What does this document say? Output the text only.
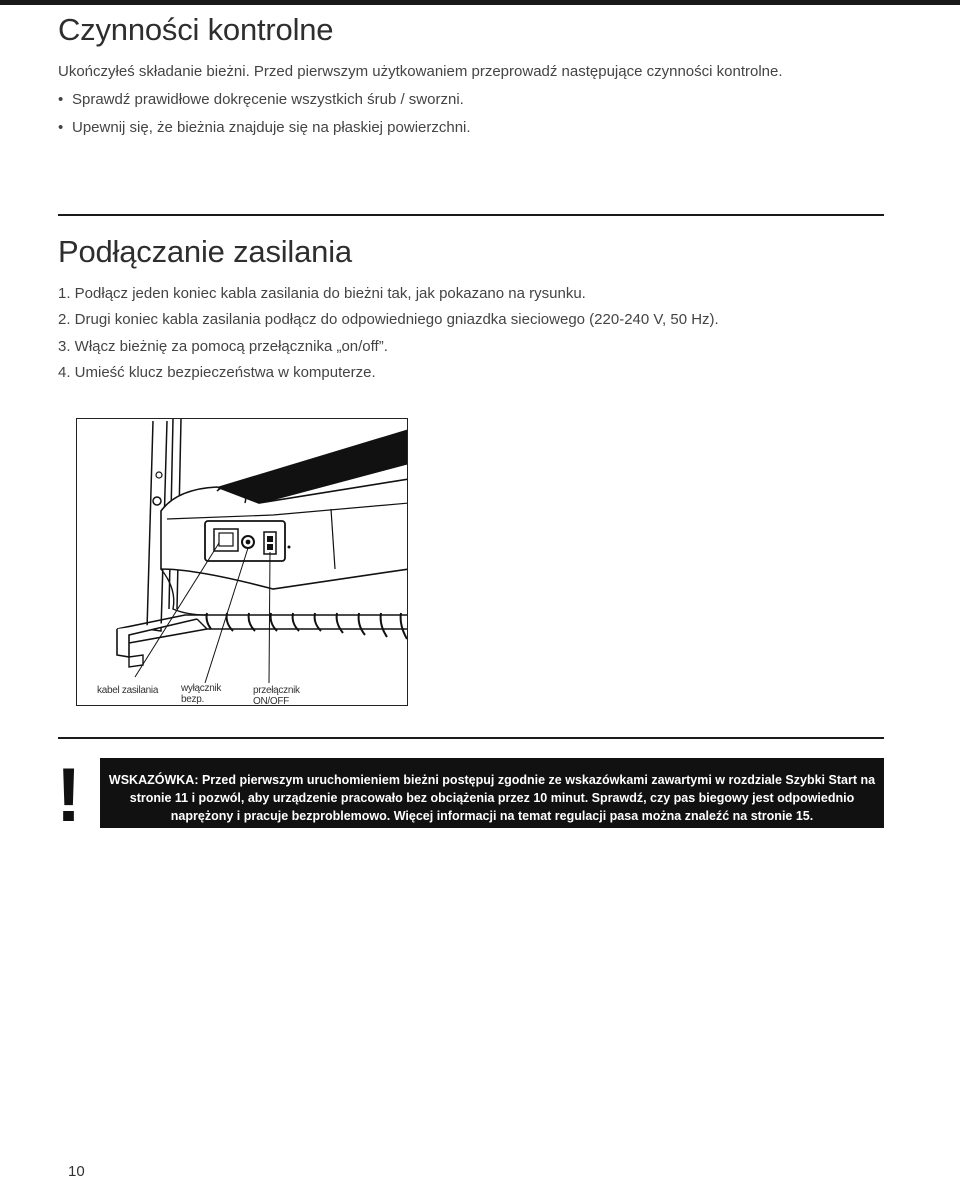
Czynności kontrolne
Ukończyłeś składanie bieżni. Przed pierwszym użytkowaniem przeprowadź następujące czynności kontrolne.
• Sprawdź prawidłowe dokręcenie wszystkich śrub / sworzni.
• Upewnij się, że bieżnia znajduje się na płaskiej powierzchni.
Podłączanie zasilania
1. Podłącz jeden koniec kabla zasilania do bieżni tak, jak pokazano na rysunku.
2. Drugi koniec kabla zasilania podłącz do odpowiedniego gniazdka sieciowego (220-240 V, 50 Hz).
3. Włącz bieżnię za pomocą przełącznika „on/off”.
4. Umieść klucz bezpieczeństwa w komputerze.
kabel zasilania wyłącznik
bezp.
przełącznik
ON/OFF
!	WSKAZÓWKA: Przed pierwszym uruchomieniem bieżni postępuj zgodnie ze wskazówkami zawartymi w rozdziale Szybki Start na stronie 11 i pozwól, aby urządzenie pracowało bez obciążenia przez 10 minut. Sprawdź, czy pas biegowy jest odpowiednio naprężony i pracuje bezproblemowo. Więcej informacji na temat regulacji pasa można znaleźć na stronie 15.
10
